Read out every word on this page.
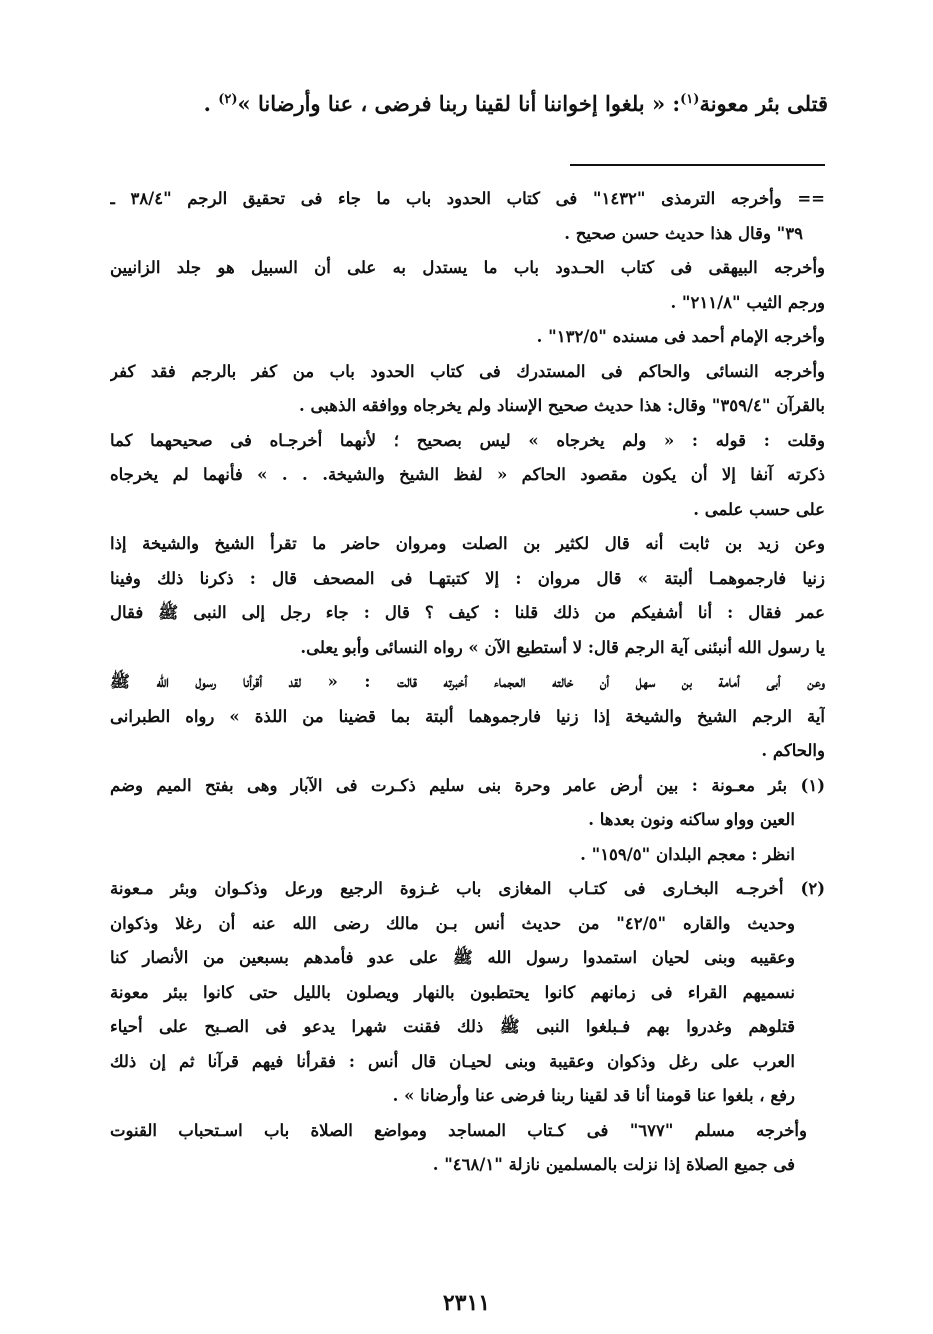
قتلى بئر معونة$^{(١)}$: « بلغوا إخواننا أنا لقينا ربنا فرضى ، عنا وأرضانا »$^{(٢)}$ .
== وأخرجه الترمذى "١٤٣٢" فى كتاب الحدود باب ما جاء فى تحقيق الرجم "٣٨/٤ ـ
٣٩" وقال هذا حديث حسن صحيح .
وأخرجه البيهقى فى كتاب الحـدود باب ما يستدل به على أن السبيل هو جلد الزانيين
ورجم الثيب "٢١١/٨" .
وأخرجه الإمام أحمد فى مسنده "١٣٢/٥" .
وأخرجه النسائى والحاكم فى المستدرك فى كتاب الحدود باب من كفر بالرجم فقد كفر
بالقرآن "٣٥٩/٤" وقال: هذا حديث صحيح الإسناد ولم يخرجاه ووافقه الذهبى .
وقلت : قوله : « ولم يخرجاه » ليس بصحيح ؛ لأنهما أخرجـاه فى صحيحهما كما
ذكرته آنفا إلا أن يكون مقصود الحاكم « لفظ الشيخ والشيخة. . . » فأنهما لم يخرجاه
على حسب علمى .
وعن زيد بن ثابت أنه قال لكثير بن الصلت ومروان حاضر ما تقرأ الشيخ والشيخة إذا
زنيا فارجموهمـا ألبتة » قال مروان : إلا كتبتهـا فى المصحف قال : ذكرنا ذلك وفينا
عمر فقال : أنا أشفيكم من ذلك قلنا : كيف ؟ قال : جاء رجل إلى النبى ﷺ فقال
يا رسول الله أنبئنى آية الرجم قال: لا أستطيع الآن » رواه النسائى وأبو يعلى.
وعن أبى أمامة بن سهل أن خالته العجماء أخبرته قالت : « لقد أقرأنا رسول الله ﷺ
آية الرجم الشيخ والشيخة إذا زنيا فارجموهما ألبتة بما قضينا من اللذة » رواه الطبرانى
والحاكم .
(١) بئر معـونة : بين أرض عامر وحرة بنى سليم ذكـرت فى الآبار وهى بفتح الميم وضم
العين وواو ساكنه ونون بعدها .
انظر : معجم البلدان "١٥٩/٥" .
(٢) أخرجـه البخـارى فى كتـاب المغازى باب غـزوة الرجيع ورعل وذكـوان وبئر مـعونة
وحديث والقاره "٤٢/٥" من حديث أنس بـن مالك رضى الله عنه أن رغلا وذكوان
وعقيبه وبنى لحيان استمدوا رسول الله ﷺ على عدو فأمدهم بسبعين من الأنصار كنا
نسميهم القراء فى زمانهم كانوا يحتطبون بالنهار ويصلون بالليل حتى كانوا ببئر معونة
قتلوهم وغدروا بهم فـبلغوا النبى ﷺ ذلك فقنت شهرا يدعو فى الصـبح على أحياء
العرب على رغل وذكوان وعقيبة وبنى لحيـان قال أنس : فقرأنا فيهم قرآنا ثم إن ذلك
رفع ، بلغوا عنا قومنا أنا قد لقينا ربنا فرضى عنا وأرضانا » .
وأخرجه مسلم "٦٧٧" فى كـتاب المساجد ومواضع الصلاة باب اسـتحباب القنوت
فى جميع الصلاة إذا نزلت بالمسلمين نازلة "٤٦٨/١" .
٢٣١١
